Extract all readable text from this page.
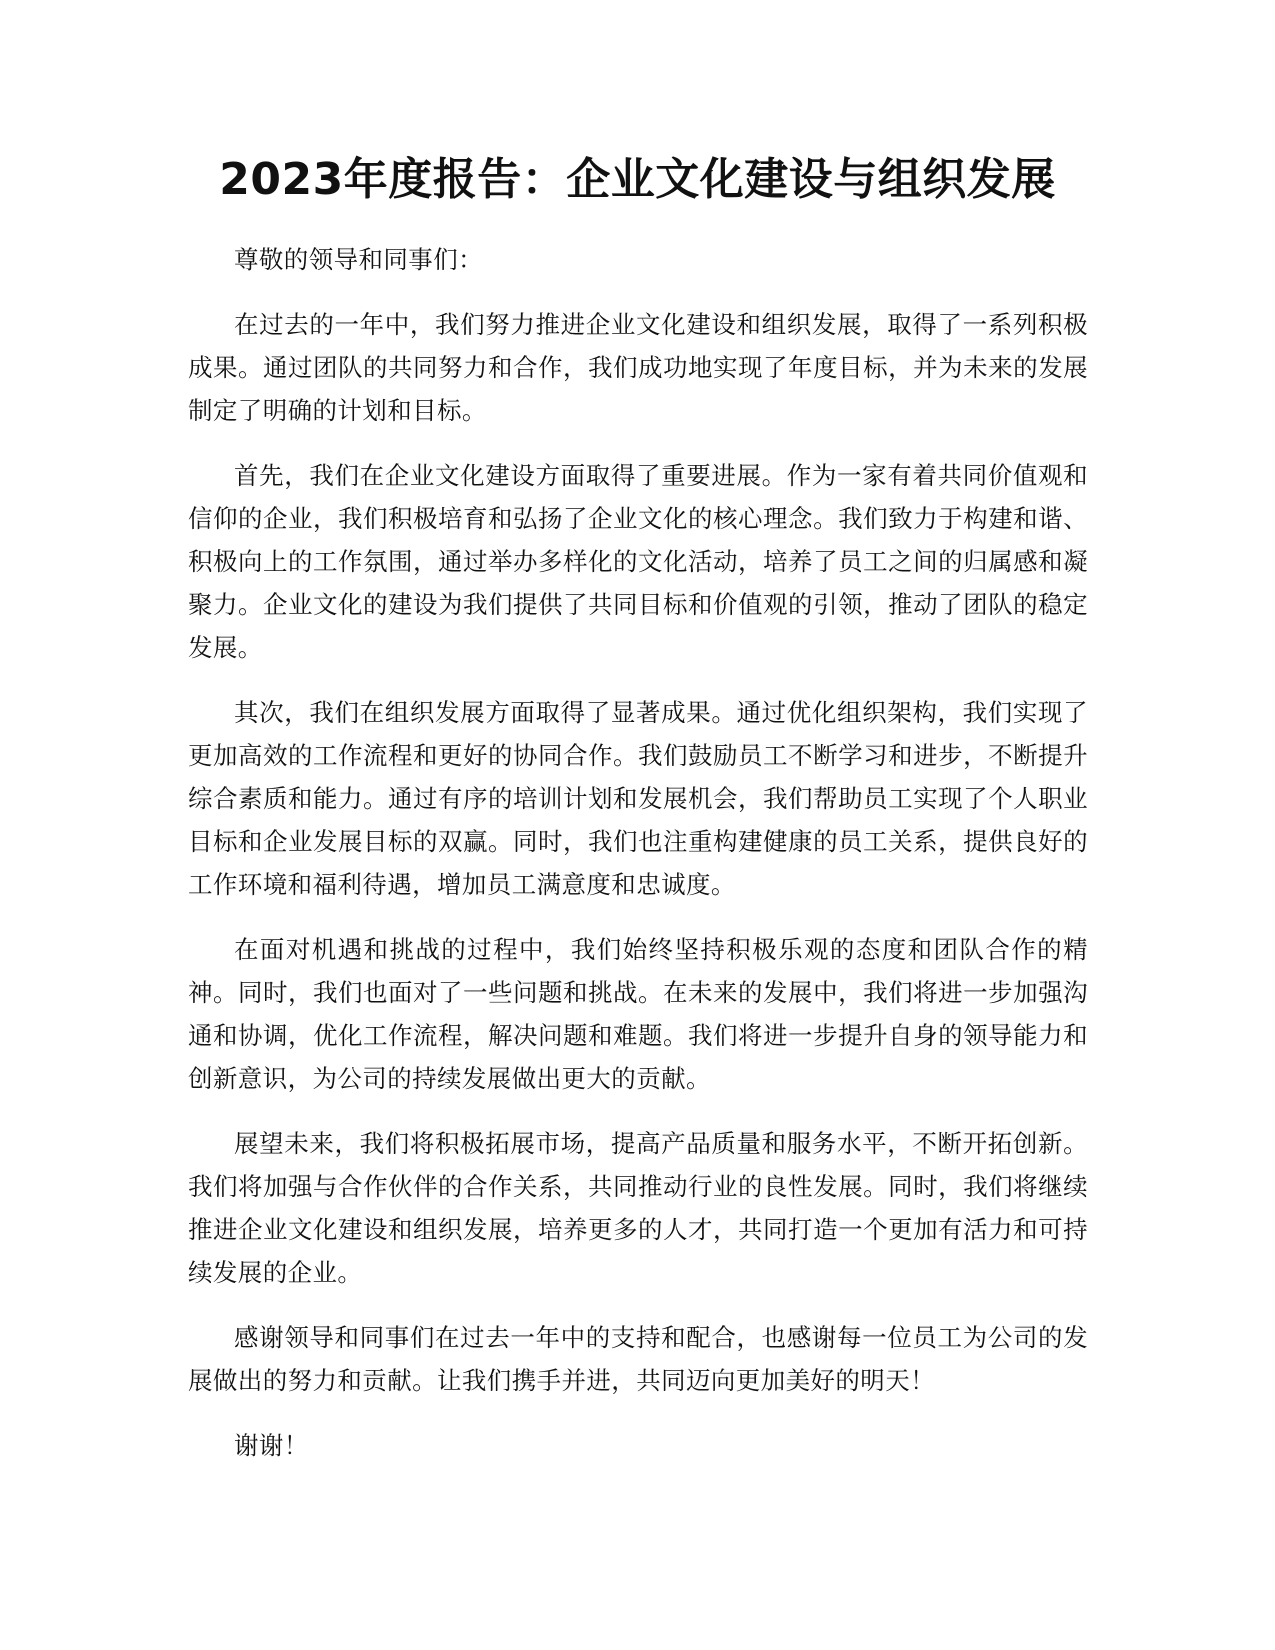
2023年度报告：企业文化建设与组织发展

尊敬的领导和同事们：

在过去的一年中，我们努力推进企业文化建设和组织发展，取得了一系列积极成果。通过团队的共同努力和合作，我们成功地实现了年度目标，并为未来的发展制定了明确的计划和目标。

首先，我们在企业文化建设方面取得了重要进展。作为一家有着共同价值观和信仰的企业，我们积极培育和弘扬了企业文化的核心理念。我们致力于构建和谐、积极向上的工作氛围，通过举办多样化的文化活动，培养了员工之间的归属感和凝聚力。企业文化的建设为我们提供了共同目标和价值观的引领，推动了团队的稳定发展。

其次，我们在组织发展方面取得了显著成果。通过优化组织架构，我们实现了更加高效的工作流程和更好的协同合作。我们鼓励员工不断学习和进步，不断提升综合素质和能力。通过有序的培训计划和发展机会，我们帮助员工实现了个人职业目标和企业发展目标的双赢。同时，我们也注重构建健康的员工关系，提供良好的工作环境和福利待遇，增加员工满意度和忠诚度。

在面对机遇和挑战的过程中，我们始终坚持积极乐观的态度和团队合作的精神。同时，我们也面对了一些问题和挑战。在未来的发展中，我们将进一步加强沟通和协调，优化工作流程，解决问题和难题。我们将进一步提升自身的领导能力和创新意识，为公司的持续发展做出更大的贡献。

展望未来，我们将积极拓展市场，提高产品质量和服务水平，不断开拓创新。我们将加强与合作伙伴的合作关系，共同推动行业的良性发展。同时，我们将继续推进企业文化建设和组织发展，培养更多的人才，共同打造一个更加有活力和可持续发展的企业。

感谢领导和同事们在过去一年中的支持和配合，也感谢每一位员工为公司的发展做出的努力和贡献。让我们携手并进，共同迈向更加美好的明天！

谢谢！
